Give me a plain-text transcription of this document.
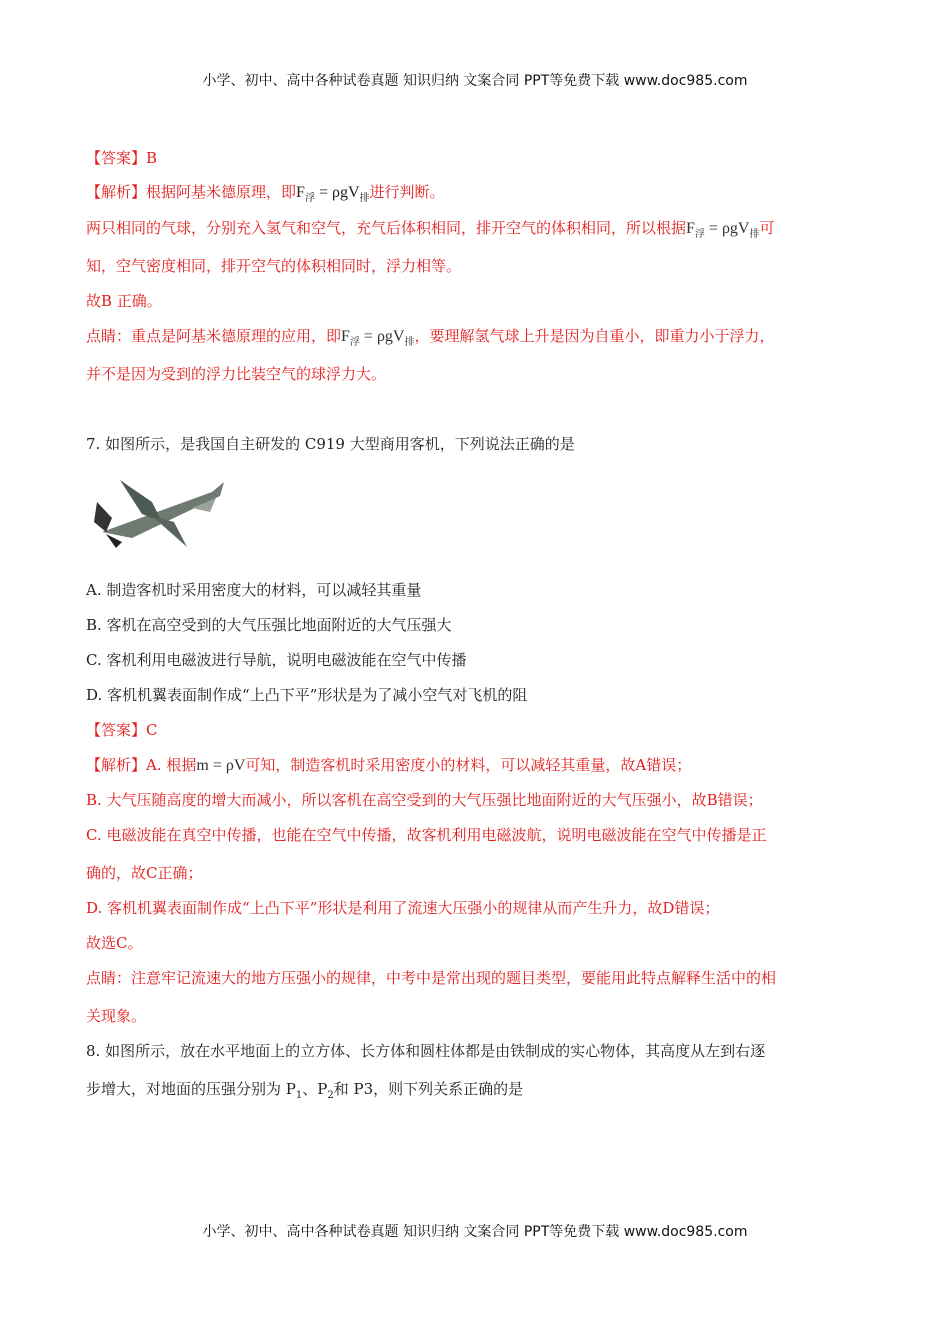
小学、初中、高中各种试卷真题 知识归纳 文案合同 PPT等免费下载 www.doc985.com
【答案】B
【解析】根据阿基米德原理，即$F_浮 = \rho gV_排$进行判断。
两只相同的气球，分别充入氢气和空气，充气后体积相同，排开空气的体积相同，所以根据$F_浮 = \rho gV_排$可
知，空气密度相同，排开空气的体积相同时，浮力相等。
故B 正确。
点睛：重点是阿基米德原理的应用，即$F_浮 = \rho gV_排$，要理解氢气球上升是因为自重小，即重力小于浮力，
并不是因为受到的浮力比装空气的球浮力大。
7. 如图所示，是我国自主研发的 C919 大型商用客机，下列说法正确的是
A. 制造客机时采用密度大的材料，可以减轻其重量
B. 客机在高空受到的大气压强比地面附近的大气压强大
C. 客机利用电磁波进行导航，说明电磁波能在空气中传播
D. 客机机翼表面制作成“上凸下平”形状是为了减小空气对飞机的阻
【答案】C
【解析】A. 根据m = ρV可知，制造客机时采用密度小的材料，可以减轻其重量，故A错误；
B. 大气压随高度的增大而减小，所以客机在高空受到的大气压强比地面附近的大气压强小，故B错误；
C. 电磁波能在真空中传播，也能在空气中传播，故客机利用电磁波航，说明电磁波能在空气中传播是正
确的，故C正确；
D. 客机机翼表面制作成“上凸下平”形状是利用了流速大压强小的规律从而产生升力，故D错误；
故选C。
点睛：注意牢记流速大的地方压强小的规律，中考中是常出现的题目类型，要能用此特点解释生活中的相
关现象。
8. 如图所示，放在水平地面上的立方体、长方体和圆柱体都是由铁制成的实心物体，其高度从左到右逐
步增大，对地面的压强分别为 $P_1$、$P_2$和 P3，则下列关系正确的是
小学、初中、高中各种试卷真题 知识归纳 文案合同 PPT等免费下载 www.doc985.com
